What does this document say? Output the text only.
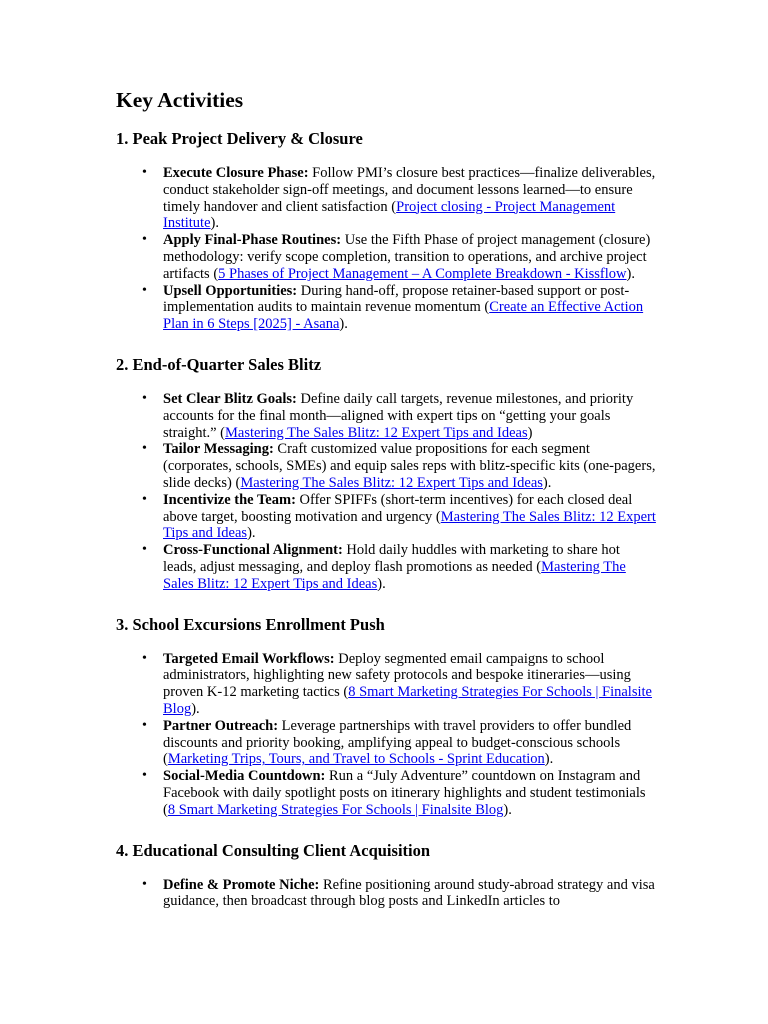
Key Activities
1. Peak Project Delivery & Closure
• Execute Closure Phase: Follow PMI’s closure best practices—finalize deliverables, conduct stakeholder sign-off meetings, and document lessons learned—to ensure timely handover and client satisfaction (Project closing - Project Management Institute).
• Apply Final-Phase Routines: Use the Fifth Phase of project management (closure) methodology: verify scope completion, transition to operations, and archive project artifacts (5 Phases of Project Management – A Complete Breakdown - Kissflow).
• Upsell Opportunities: During hand-off, propose retainer-based support or post-implementation audits to maintain revenue momentum (Create an Effective Action Plan in 6 Steps [2025] - Asana).
2. End-of-Quarter Sales Blitz
• Set Clear Blitz Goals: Define daily call targets, revenue milestones, and priority accounts for the final month—aligned with expert tips on “getting your goals straight.” (Mastering The Sales Blitz: 12 Expert Tips and Ideas)
• Tailor Messaging: Craft customized value propositions for each segment (corporates, schools, SMEs) and equip sales reps with blitz-specific kits (one-pagers, slide decks) (Mastering The Sales Blitz: 12 Expert Tips and Ideas).
• Incentivize the Team: Offer SPIFFs (short-term incentives) for each closed deal above target, boosting motivation and urgency (Mastering The Sales Blitz: 12 Expert Tips and Ideas).
• Cross-Functional Alignment: Hold daily huddles with marketing to share hot leads, adjust messaging, and deploy flash promotions as needed (Mastering The Sales Blitz: 12 Expert Tips and Ideas).
3. School Excursions Enrollment Push
• Targeted Email Workflows: Deploy segmented email campaigns to school administrators, highlighting new safety protocols and bespoke itineraries—using proven K-12 marketing tactics (8 Smart Marketing Strategies For Schools | Finalsite Blog).
• Partner Outreach: Leverage partnerships with travel providers to offer bundled discounts and priority booking, amplifying appeal to budget-conscious schools (Marketing Trips, Tours, and Travel to Schools - Sprint Education).
• Social-Media Countdown: Run a “July Adventure” countdown on Instagram and Facebook with daily spotlight posts on itinerary highlights and student testimonials (8 Smart Marketing Strategies For Schools | Finalsite Blog).
4. Educational Consulting Client Acquisition
• Define & Promote Niche: Refine positioning around study-abroad strategy and visa guidance, then broadcast through blog posts and LinkedIn articles to
